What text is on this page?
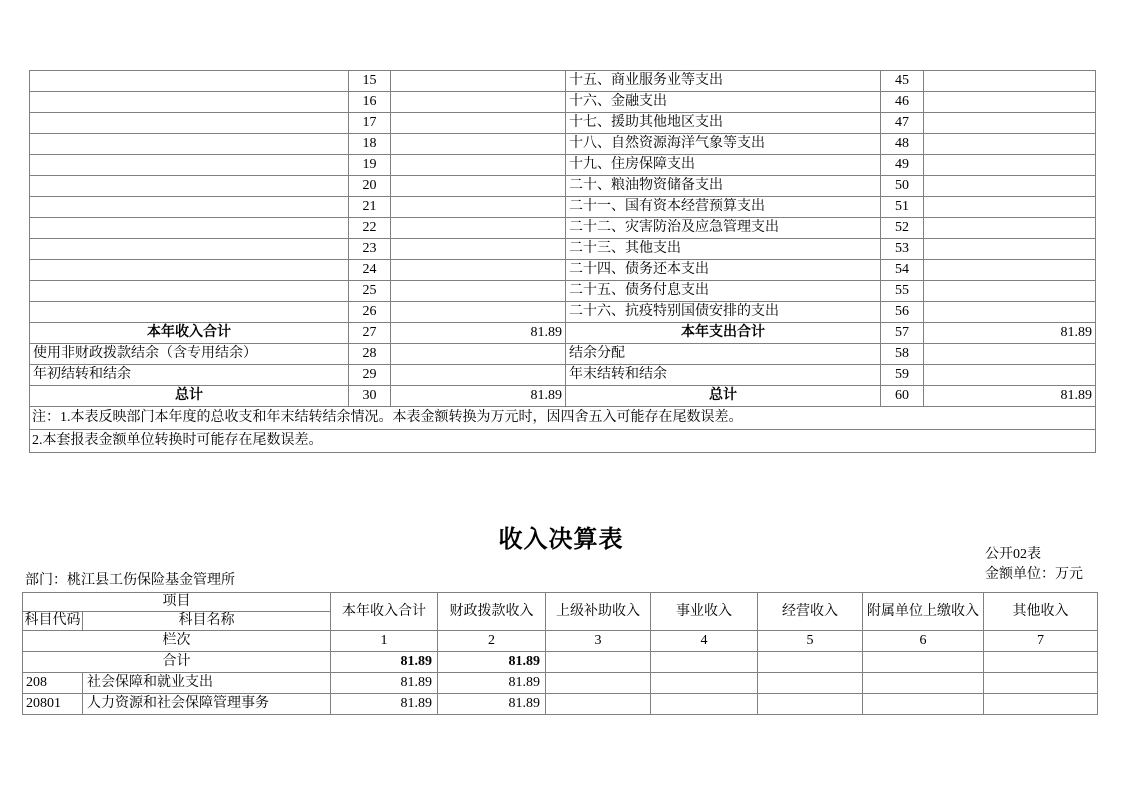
	15		十五、商业服务业等支出	45	
	16		十六、金融支出	46	
	17		十七、援助其他地区支出	47	
	18		十八、自然资源海洋气象等支出	48	
	19		十九、住房保障支出	49	
	20		二十、粮油物资储备支出	50	
	21		二十一、国有资本经营预算支出	51	
	22		二十二、灾害防治及应急管理支出	52	
	23		二十三、其他支出	53	
	24		二十四、债务还本支出	54	
	25		二十五、债务付息支出	55	
	26		二十六、抗疫特别国债安排的支出	56	
本年收入合计	27	81.89	本年支出合计	57	81.89
使用非财政拨款结余（含专用结余）	28		结余分配	58	
年初结转和结余	29		年末结转和结余	59	
总计	30	81.89	总计	60	81.89
注：1.本表反映部门本年度的总收支和年末结转结余情况。本表金额转换为万元时，因四舍五入可能存在尾数误差。					
2.本套报表金额单位转换时可能存在尾数误差。					
收入决算表
公开02表
金额单位：万元
部门：桃江县工伤保险基金管理所
项目		本年收入合计	财政拨款收入	上级补助收入	事业收入	经营收入	附属单位上缴收入	其他收入
科目代码	科目名称							
栏次		1	2	3	4	5	6	7
合计		81.89	81.89					
208	社会保障和就业支出	81.89	81.89					
20801	人力资源和社会保障管理事务	81.89	81.89					
